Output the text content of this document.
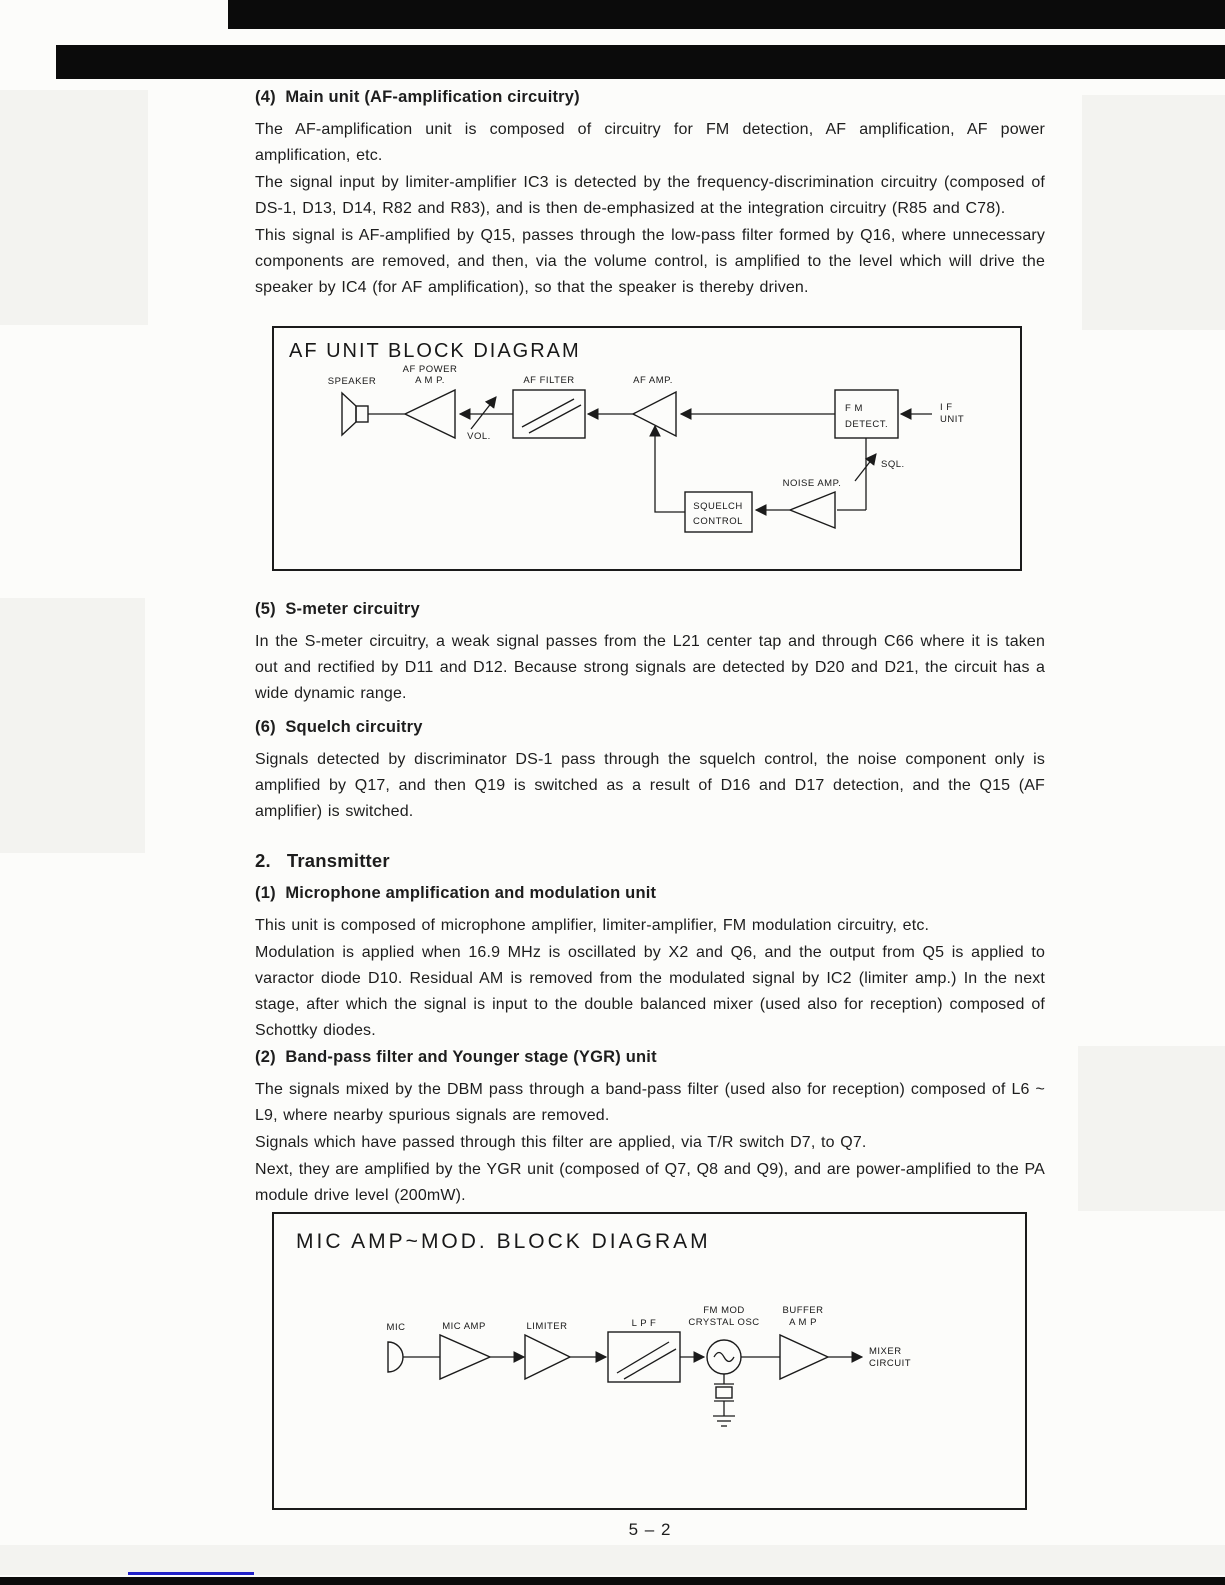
(4)  Main unit (AF-amplification circuitry)

The AF-amplification unit is composed of circuitry for FM detection, AF amplification, AF power amplification, etc.

The signal input by limiter-amplifier IC3 is detected by the frequency-discrimination circuitry (composed of DS-1, D13, D14, R82 and R83), and is then de-emphasized at the integration circuitry (R85 and C78).

This signal is AF-amplified by Q15, passes through the low-pass filter formed by Q16, where unnecessary components are removed, and then, via the volume control, is amplified to the level which will drive the speaker by IC4 (for AF amplification), so that the speaker is thereby driven.

AF UNIT BLOCK DIAGRAM
SPEAKER
AF POWER
A M P.
VOL.
AF FILTER	AF AMP.
F M
DETECT.
I F
UNIT
SQL.
NOISE AMP.
SQUELCH
CONTROL
(5)  S-meter circuitry

In the S-meter circuitry, a weak signal passes from the L21 center tap and through C66 where it is taken out and rectified by D11 and D12. Because strong signals are detected by D20 and D21, the circuit has a wide dynamic range.

(6)  Squelch circuitry

Signals detected by discriminator DS-1 pass through the squelch control, the noise component only is amplified by Q17, and then Q19 is switched as a result of D16 and D17 detection, and the Q15 (AF amplifier) is switched.

2.   Transmitter
(1)  Microphone amplification and modulation unit

This unit is composed of microphone amplifier, limiter-amplifier, FM modulation circuitry, etc.

Modulation is applied when 16.9 MHz is oscillated by X2 and Q6, and the output from Q5 is applied to varactor diode D10. Residual AM is removed from the modulated signal by IC2 (limiter amp.) In the next stage, after which the signal is input to the double balanced mixer (used also for reception) composed of Schottky diodes.

(2)  Band-pass filter and Younger stage (YGR) unit

The signals mixed by the DBM pass through a band-pass filter (used also for reception) composed of L6 ~ L9, where nearby spurious signals are removed.

Signals which have passed through this filter are applied, via T/R switch D7, to Q7.

Next, they are amplified by the YGR unit (composed of Q7, Q8 and Q9), and are power-amplified to the PA module drive level (200mW).

MIC AMP~MOD. BLOCK DIAGRAM
MIC	MIC AMP	LIMITER	L P F
FM MOD
CRYSTAL OSC
BUFFER
A M P
MIXER
CIRCUIT
5 – 2
